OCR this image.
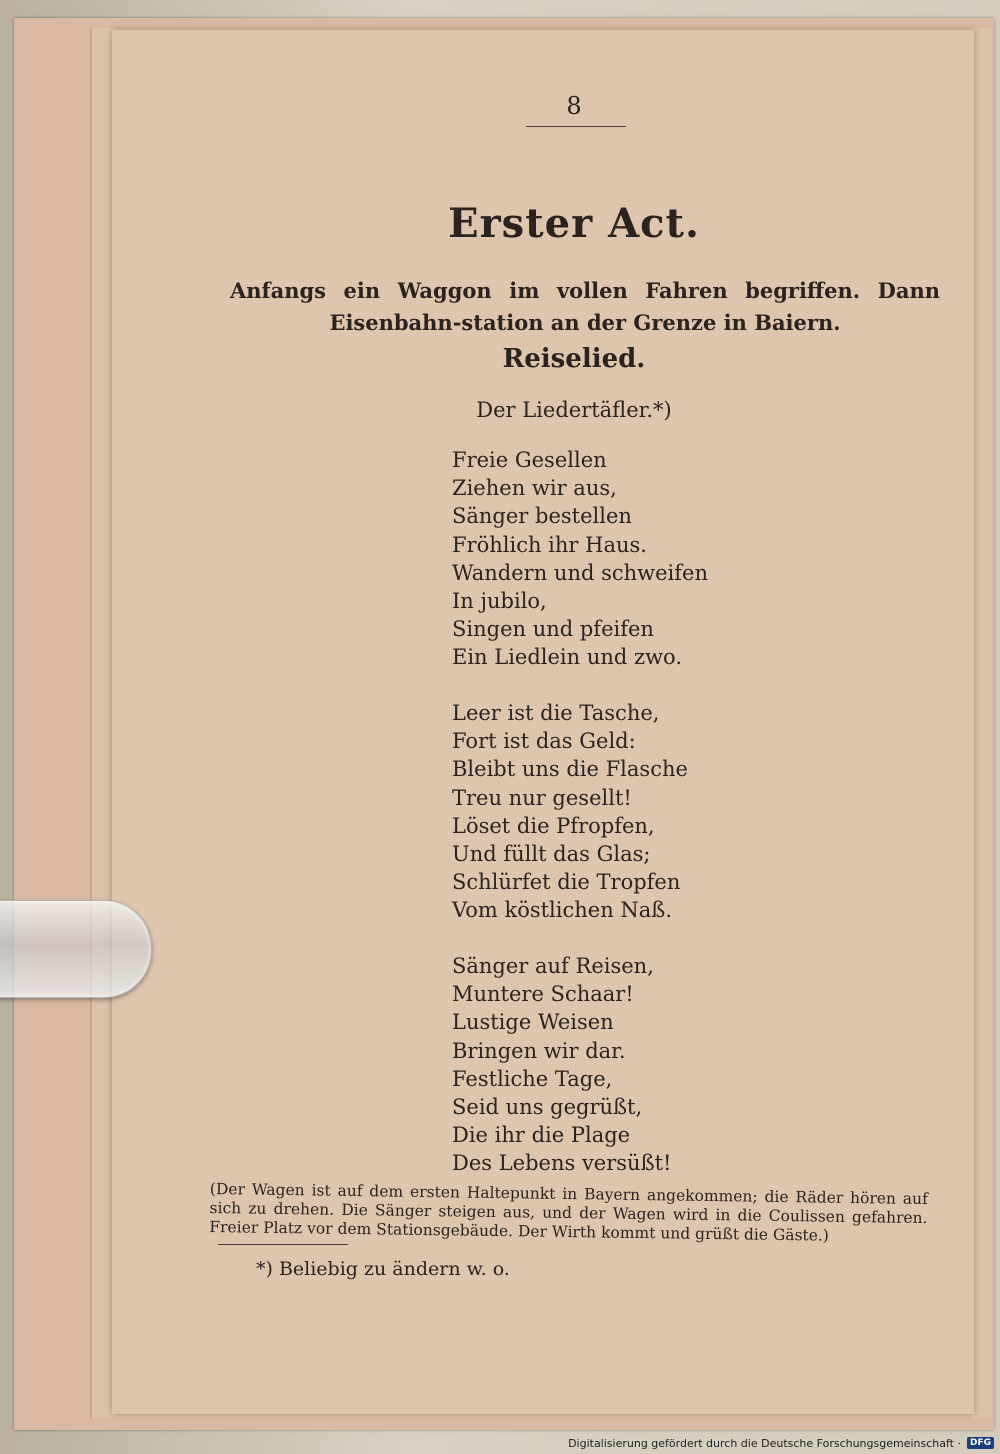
8
Erster Act.
Anfangs ein Waggon im vollen Fahren begriffen. Dann Eisenbahn-station an der Grenze in Baiern.
Reiselied.
Der Liedertäfler.*)
Freie Gesellen
Ziehen wir aus,
Sänger bestellen
Fröhlich ihr Haus.
Wandern und schweifen
In jubilo,
Singen und pfeifen
Ein Liedlein und zwo.
Leer ist die Tasche,
Fort ist das Geld:
Bleibt uns die Flasche
Treu nur gesellt!
Löset die Pfropfen,
Und füllt das Glas;
Schlürfet die Tropfen
Vom köstlichen Naß.
Sänger auf Reisen,
Muntere Schaar!
Lustige Weisen
Bringen wir dar.
Festliche Tage,
Seid uns gegrüßt,
Die ihr die Plage
Des Lebens versüßt!
(Der Wagen ist auf dem ersten Haltepunkt in Bayern angekommen; die Räder hören auf sich zu drehen. Die Sänger steigen aus, und der Wagen wird in die Coulissen gefahren. Freier Platz vor dem Stationsgebäude. Der Wirth kommt und grüßt die Gäste.)
*) Beliebig zu ändern w. o.
Digitalisierung gefördert durch die Deutsche Forschungsgemeinschaft ·	DFG
